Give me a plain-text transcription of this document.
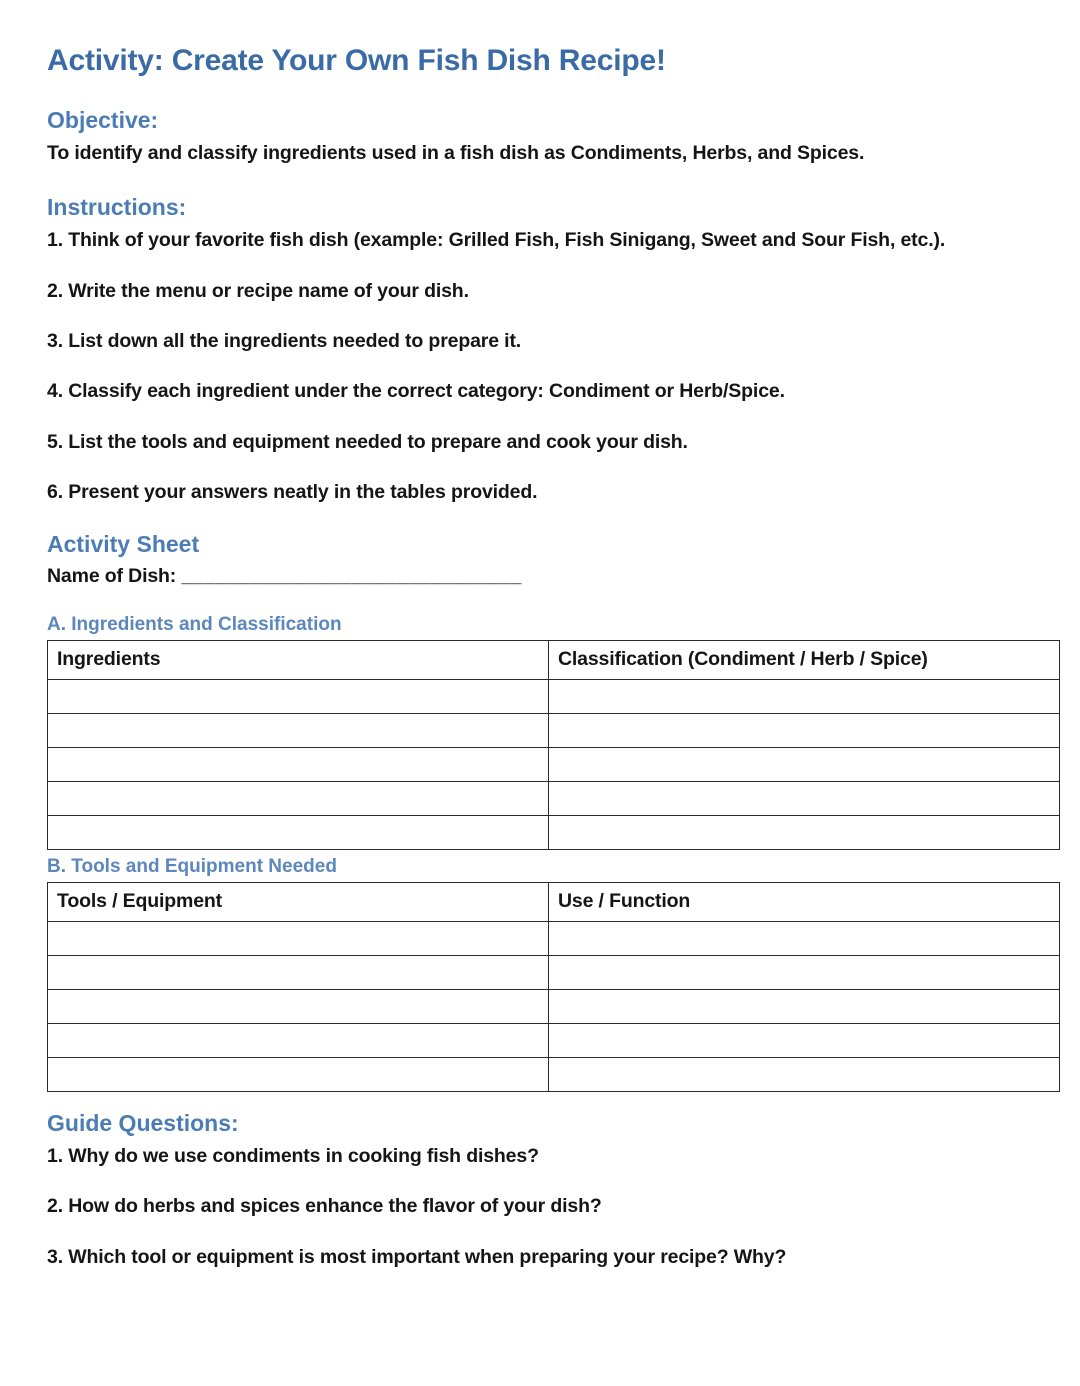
Activity: Create Your Own Fish Dish Recipe!
Objective:

To identify and classify ingredients used in a fish dish as Condiments, Herbs, and Spices.

Instructions:
1. Think of your favorite fish dish (example: Grilled Fish, Fish Sinigang, Sweet and Sour Fish, etc.).
2. Write the menu or recipe name of your dish.
3. List down all the ingredients needed to prepare it.
4. Classify each ingredient under the correct category: Condiment or Herb/Spice.
5. List the tools and equipment needed to prepare and cook your dish.
6. Present your answers neatly in the tables provided.
Activity Sheet

Name of Dish: ______________________________

A. Ingredients and Classification
Ingredients	Classification (Condiment / Herb / Spice)

B. Tools and Equipment Needed
Tools / Equipment	Use / Function

Guide Questions:
1. Why do we use condiments in cooking fish dishes?
2. How do herbs and spices enhance the flavor of your dish?
3. Which tool or equipment is most important when preparing your recipe? Why?
